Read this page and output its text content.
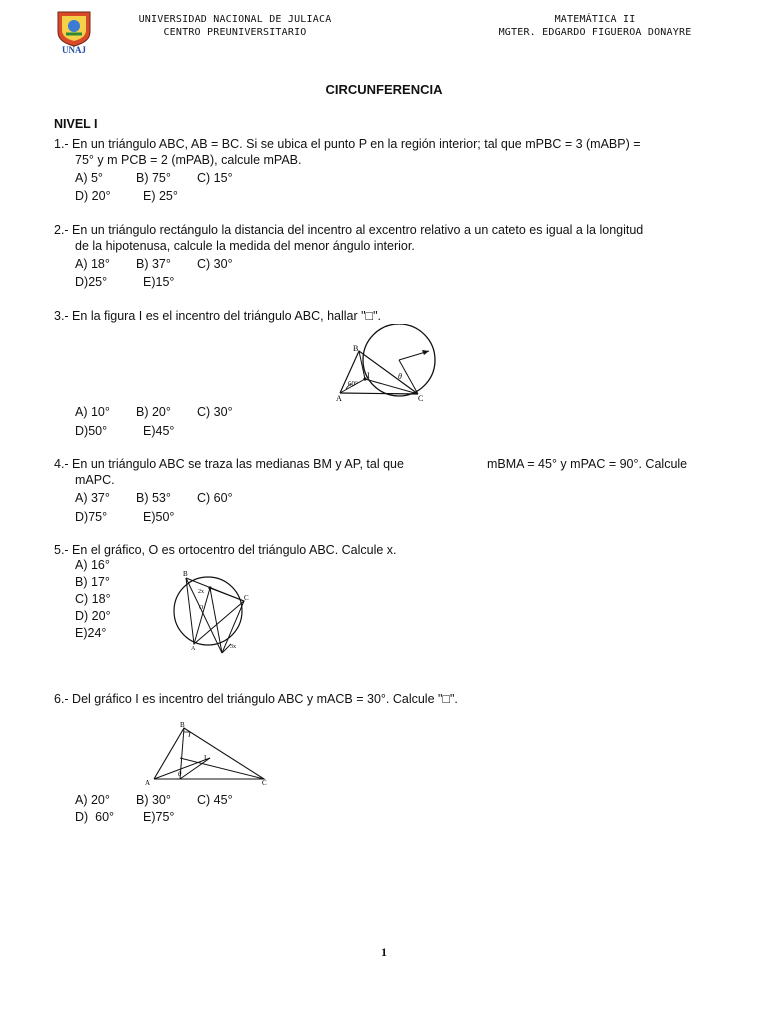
UNAJ
UNIVERSIDAD NACIONAL DE JULIACA
CENTRO PREUNIVERSITARIO
MATEMÁTICA II
MGTER. EDGARDO FIGUEROA DONAYRE
CIRCUNFERENCIA
NIVEL I
1.- En un triángulo ABC, AB = BC. Si se ubica el punto P en la región interior; tal que mPBC = 3 (mABP) =
75° y m PCB = 2 (mPAB), calcule mPAB.
A) 5°	B) 75° C) 15°
D) 20°	E) 25°
2.- En un triángulo rectángulo la distancia del incentro al excentro relativo a un cateto es igual a la longitud
de la hipotenusa, calcule la medida del menor ángulo interior.
A) 18° B) 37° C) 30°
D)25°	E)15°
3.- En la figura I es el incentro del triángulo ABC, hallar "□".
B
I
60°
A	C
θ
A) 10° B) 20° C) 30°
D)50°	E)45°
4.- En un triángulo ABC se traza las medianas BM y AP, tal que	mBMA = 45° y mPAC = 90°. Calcule
mAPC.
A) 37° B) 53° C) 60°
D)75°	E)50°
5.- En el gráfico, O es ortocentro del triángulo ABC. Calcule x.
A) 16°
B) 17°
C) 18°
D) 20°
E)24°
B
2x
O
C
A	3x
6.- Del gráfico I es incentro del triángulo ABC y mACB = 30°. Calcule "□".
B
I
θ
A	C
A) 20° B) 30° C) 45°
D)  60° E)75°
1
